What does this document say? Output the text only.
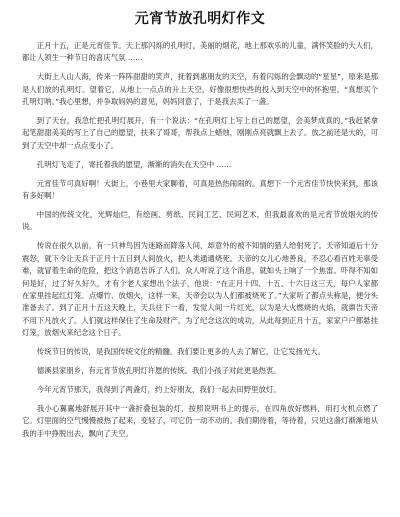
元宵节放孔明灯作文
正月十五，正是元宵佳节。天上那闪烁的孔明灯，美丽的烟花，地上那欢乐的儿童，满怀笑脸的大人们，都让人领生一种节日的喜庆气氛 ……
大街上人山人海，传来一阵阵甜甜的笑声，抚着到惠朋友的天空，有着闪烁的会飘动的“星星”，原来是那是人们放的孔明灯。望着它，从地上一点点的升上天空，好像很想快些的投入到天空中的怀抱里。“真想买个孔明灯呐。”我心里想，并争取妈妈的意见，妈妈同意了，于是我去买了一盏。
到了天台，我急忙把孔明灯展开，有一个说法：“在孔明灯上写上自己的愿望，会美梦成真的。”我赶紧拿起笔甜甜美美的写上了自己的愿望，扶来了哥哥，帮我点上蜡烛，刚刚点亮就飘上去了。放之前还是大的，可到了天空中却一点点变小了。
孔明灯飞走了，寄托着我的愿望，渐渐的消失在天空中 ……
元宵佳节可真好啊！大街上，小巷里大家聊着，可真是热热闹闹的。真想下一个元宵佳节快快来到，那该有多好啊！
中国的传统文化，光辉灿烂，有绘画、剪纸、民间工艺、民间艺术，但我最喜欢的是元宵节放烟火的传说。
传说在很久以前，有一只神鸟因为迷路而降落人间，却意外的被不知情的猎人给射死了。天帝知道后十分震怒，就下令让天兵于正月十五日到人间放火，把人类通通烧死。天帝的女儿心地善良，不忍心看百姓无辜受难，就冒着生命的危险，把这个消息告诉了人们。众人听说了这个消息，就如头上响了一个焦雷。吓得不知如何是好，过了好久好久，才有个老人家想出个法子，他说：“在正月十四、十五、十六日这三天，每户人家都在家里挂起红灯笼、点爆竹、放烟火，这样一来，天帝会以为人们都被烧死了。”大家听了都点头称是，便分头准备去了。到了正月十五这天晚上，天兵往下一看，发觉人间一片红光，以为是大火燃烧的火焰，就禀告天帝不用下凡放火了。人们就这样保住了生命及财产。为了纪念这次的成功，从此每到正月十五，家家户户都悬挂灯笼，放烟火来纪念这个日子。
传统节日的传说，是我国传统文化的精髓。我们要让更多的人去了解它，让它发扬光大。
德溪县家朋乡，有元宵节放孔明灯许愿的传统。我们小孩子对此更是热衷。
今年元宵节那天，我得到了两盏灯，约上好朋友，我们一起去田野里放灯。
我小心翼翼地舒展开其中一盏折叠包装的灯，按照说明书上的提示，在四角放好燃料，用打火机点燃了它。灯里面的空气慢慢被热了起来，变轻了，可它仍一动不动的。我们期待着，等待着，只见这盏灯渐渐地从我的手中挣脱出去，飘向了天空。
